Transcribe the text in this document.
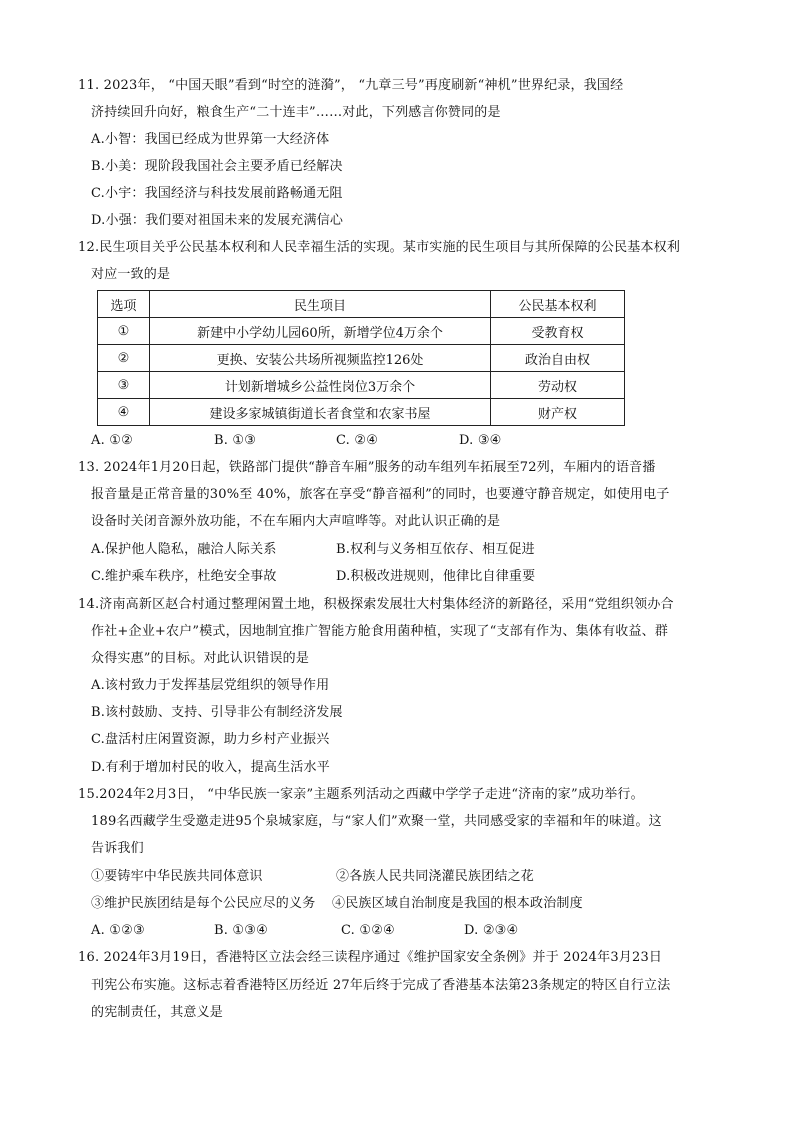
11. 2023年， “中国天眼”看到“时空的涟漪”， “九章三号”再度刷新“神机”世界纪录，我国经
济持续回升向好，粮食生产“二十连丰”……对此，下列感言你赞同的是
A.小智：我国已经成为世界第一大经济体
B.小美：现阶段我国社会主要矛盾已经解决
C.小宇：我国经济与科技发展前路畅通无阻
D.小强：我们要对祖国未来的发展充满信心
12.民生项目关乎公民基本权利和人民幸福生活的实现。某市实施的民生项目与其所保障的公民基本权利
对应一致的是
选项	民生项目	公民基本权利
①	新建中小学幼儿园60所，新增学位4万余个	受教育权
②	更换、安装公共场所视频监控126处	政治自由权
③	计划新增城乡公益性岗位3万余个	劳动权
④	建设多家城镇街道长者食堂和农家书屋	财产权
A. ①②	B. ①③	C. ②④	D. ③④
13. 2024年1月20日起，铁路部门提供“静音车厢”服务的动车组列车拓展至72列，车厢内的语音播
报音量是正常音量的30%至 40%，旅客在享受“静音福利”的同时，也要遵守静音规定，如使用电子
设备时关闭音源外放功能，不在车厢内大声喧哗等。对此认识正确的是
A.保护他人隐私，融洽人际关系	B.权利与义务相互依存、相互促进
C.维护乘车秩序，杜绝安全事故	D.积极改进规则，他律比自律重要
14.济南高新区赵合村通过整理闲置土地，积极探索发展壮大村集体经济的新路径，采用“党组织领办合
作社+企业+农户”模式，因地制宜推广智能方舱食用菌种植，实现了“支部有作为、集体有收益、群
众得实惠”的目标。对此认识错误的是
A.该村致力于发挥基层党组织的领导作用
B.该村鼓励、支持、引导非公有制经济发展
C.盘活村庄闲置资源，助力乡村产业振兴
D.有利于增加村民的收入，提高生活水平
15.2024年2月3日， “中华民族一家亲”主题系列活动之西藏中学学子走进“济南的家”成功举行。
189名西藏学生受邀走进95个泉城家庭，与“家人们”欢聚一堂，共同感受家的幸福和年的味道。这
告诉我们
①要铸牢中华民族共同体意识	②各族人民共同浇灌民族团结之花
③维护民族团结是每个公民应尽的义务 ④民族区域自治制度是我国的根本政治制度
A. ①②③	B. ①③④	C. ①②④	D. ②③④
16. 2024年3月19日，香港特区立法会经三读程序通过《维护国家安全条例》并于 2024年3月23日
刊宪公布实施。这标志着香港特区历经近 27年后终于完成了香港基本法第23条规定的特区自行立法
的宪制责任，其意义是
